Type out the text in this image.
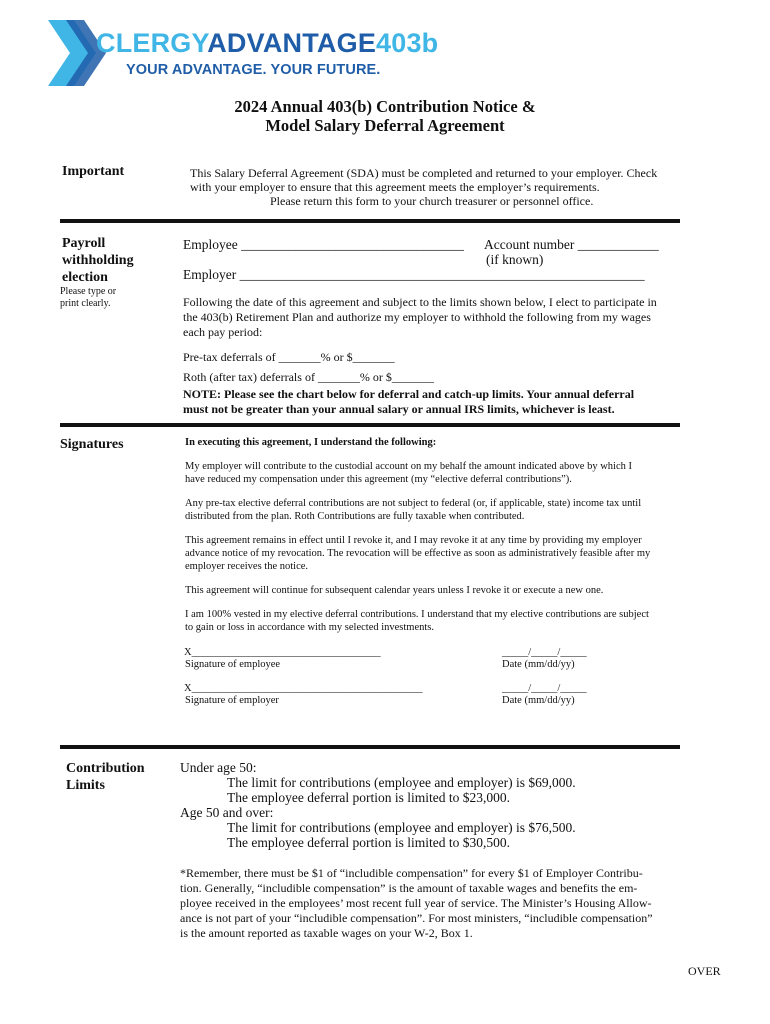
CLERGYADVANTAGE403b
YOUR ADVANTAGE. YOUR FUTURE.
2024 Annual 403(b) Contribution Notice &
Model Salary Deferral Agreement
Important	This Salary Deferral Agreement (SDA) must be completed and returned to your employer. Check
with your employer to ensure that this agreement meets the employer’s requirements.
Please return this form to your church treasurer or personnel office.
Payroll
withholding
election
Please type or
print clearly.
Employee _________________________________ Account number ____________
(if known)
Employer ____________________________________________________________
Following the date of this agreement and subject to the limits shown below, I elect to participate in
the 403(b) Retirement Plan and authorize my employer to withhold the following from my wages
each pay period:
Pre-tax deferrals of _______% or $_______
Roth (after tax) deferrals of _______% or $_______
NOTE: Please see the chart below for deferral and catch-up limits. Your annual deferral
must not be greater than your annual salary or annual IRS limits, whichever is least.
Signatures	In executing this agreement, I understand the following:
My employer will contribute to the custodial account on my behalf the amount indicated above by which I
have reduced my compensation under this agreement (my “elective deferral contributions”).
Any pre-tax elective deferral contributions are not subject to federal (or, if applicable, state) income tax until
distributed from the plan. Roth Contributions are fully taxable when contributed.
This agreement remains in effect until I revoke it, and I may revoke it at any time by providing my employer
advance notice of my revocation. The revocation will be effective as soon as administratively feasible after my
employer receives the notice.
This agreement will continue for subsequent calendar years unless I revoke it or execute a new one.
I am 100% vested in my elective deferral contributions. I understand that my elective contributions are subject
to gain or loss in accordance with my selected investments.
X____________________________________
Signature of employee
_____/_____/_____
Date (mm/dd/yy)
X____________________________________________
Signature of employer
_____/_____/_____
Date (mm/dd/yy)
Contribution
Limits
Under age 50:
The limit for contributions (employee and employer) is $69,000.
The employee deferral portion is limited to $23,000.
Age 50 and over:
The limit for contributions (employee and employer) is $76,500.
The employee deferral portion is limited to $30,500.
*Remember, there must be $1 of “includible compensation” for every $1 of Employer Contribu-
tion. Generally, “includible compensation” is the amount of taxable wages and benefits the em-
ployee received in the employees’ most recent full year of service. The Minister’s Housing Allow-
ance is not part of your “includible compensation”. For most ministers, “includible compensation”
is the amount reported as taxable wages on your W-2, Box 1.
OVER
